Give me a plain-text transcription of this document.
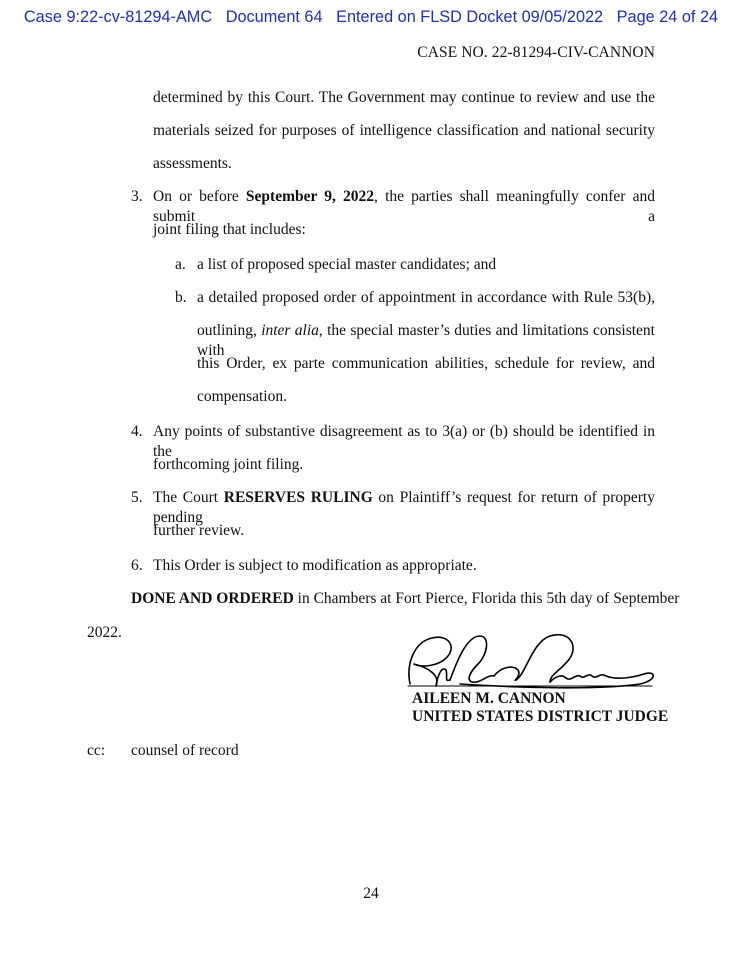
Case 9:22-cv-81294-AMC   Document 64   Entered on FLSD Docket 09/05/2022   Page 24 of 24
CASE NO. 22-81294-CIV-CANNON
determined by this Court. The Government may continue to review and use the
materials seized for purposes of intelligence classification and national security
assessments.
3. On or before September 9, 2022, the parties shall meaningfully confer and submit a
joint filing that includes:
a. a list of proposed special master candidates; and
b. a detailed proposed order of appointment in accordance with Rule 53(b),
outlining, inter alia, the special master’s duties and limitations consistent with
this Order, ex parte communication abilities, schedule for review, and
compensation.
4. Any points of substantive disagreement as to 3(a) or (b) should be identified in the
forthcoming joint filing.
5. The Court RESERVES RULING on Plaintiff’s request for return of property pending
further review.
6. This Order is subject to modification as appropriate.
DONE AND ORDERED in Chambers at Fort Pierce, Florida this 5th day of September
2022.
AILEEN M. CANNON
UNITED STATES DISTRICT JUDGE
cc: counsel of record
24
